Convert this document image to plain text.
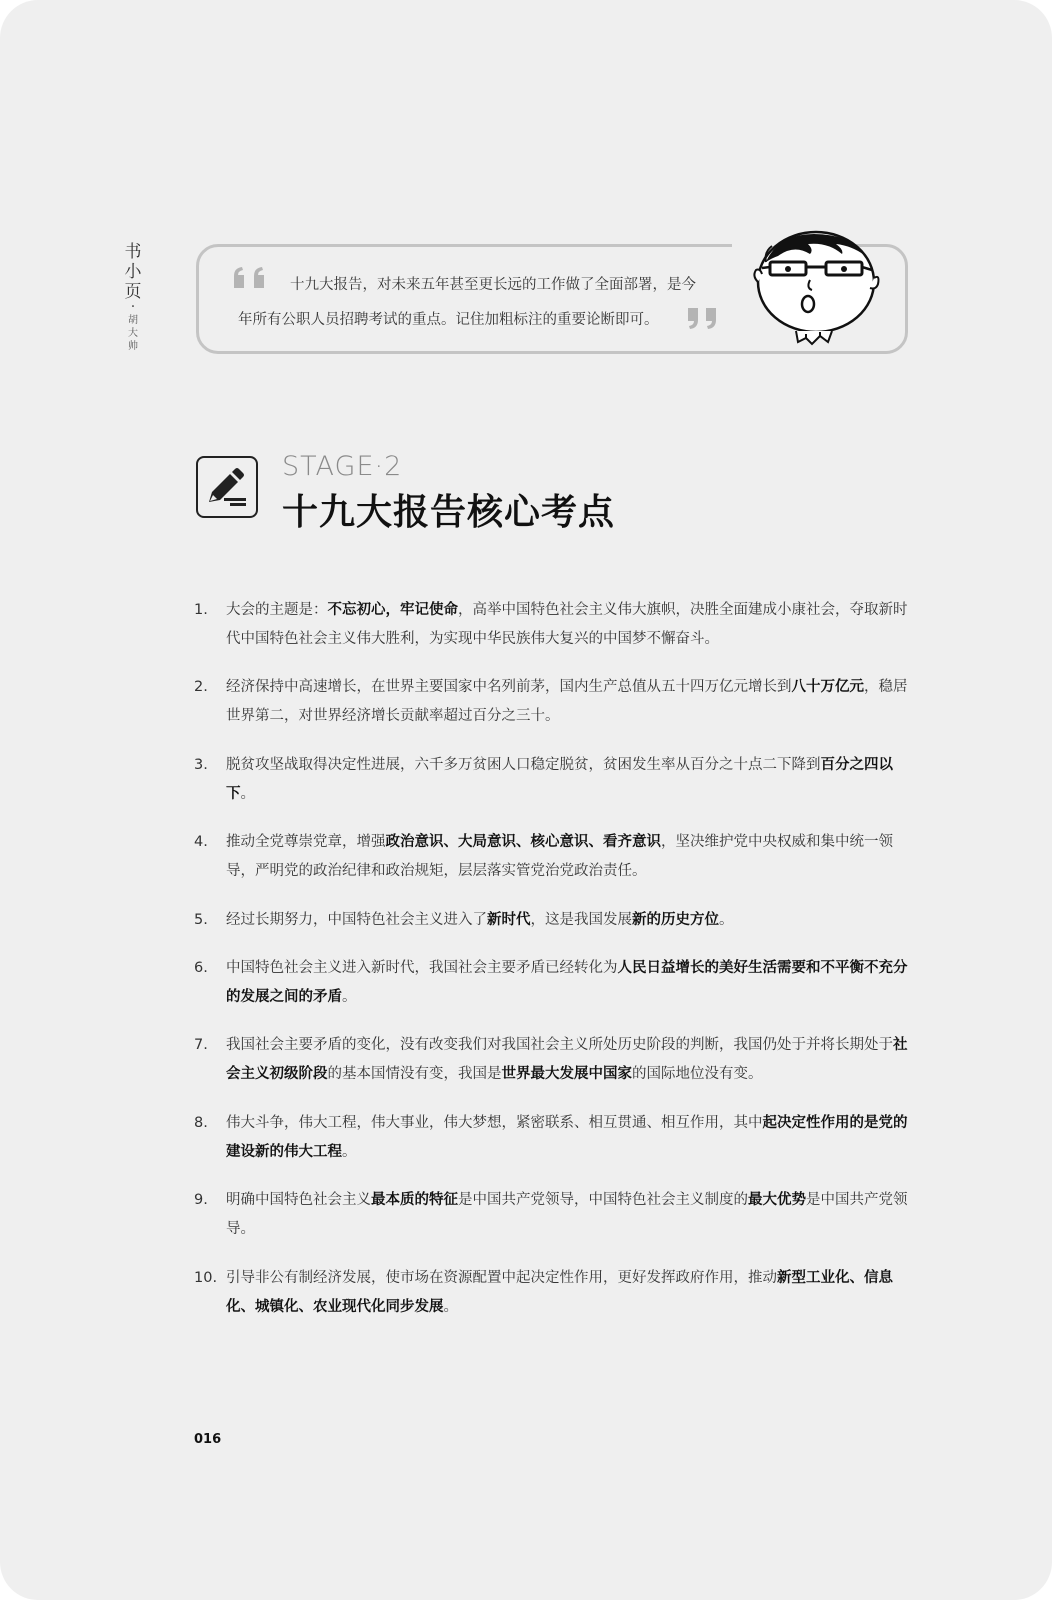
书
小
页
·
胡
大
帅
十九大报告，对未来五年甚至更长远的工作做了全面部署，是今
年所有公职人员招聘考试的重点。记住加粗标注的重要论断即可。
STAGE·2
十九大报告核心考点
1. 大会的主题是：不忘初心，牢记使命，高举中国特色社会主义伟大旗帜，决胜全面建成小康社会，夺取新时代中国特色社会主义伟大胜利，为实现中华民族伟大复兴的中国梦不懈奋斗。
2. 经济保持中高速增长，在世界主要国家中名列前茅，国内生产总值从五十四万亿元增长到八十万亿元，稳居世界第二，对世界经济增长贡献率超过百分之三十。
3. 脱贫攻坚战取得决定性进展，六千多万贫困人口稳定脱贫，贫困发生率从百分之十点二下降到百分之四以下。
4. 推动全党尊崇党章，增强政治意识、大局意识、核心意识、看齐意识，坚决维护党中央权威和集中统一领导，严明党的政治纪律和政治规矩，层层落实管党治党政治责任。
5. 经过长期努力，中国特色社会主义进入了新时代，这是我国发展新的历史方位。
6. 中国特色社会主义进入新时代，我国社会主要矛盾已经转化为人民日益增长的美好生活需要和不平衡不充分的发展之间的矛盾。
7. 我国社会主要矛盾的变化，没有改变我们对我国社会主义所处历史阶段的判断，我国仍处于并将长期处于社会主义初级阶段的基本国情没有变，我国是世界最大发展中国家的国际地位没有变。
8. 伟大斗争，伟大工程，伟大事业，伟大梦想，紧密联系、相互贯通、相互作用，其中起决定性作用的是党的建设新的伟大工程。
9. 明确中国特色社会主义最本质的特征是中国共产党领导，中国特色社会主义制度的最大优势是中国共产党领导。
10. 引导非公有制经济发展，使市场在资源配置中起决定性作用，更好发挥政府作用，推动新型工业化、信息化、城镇化、农业现代化同步发展。
016
